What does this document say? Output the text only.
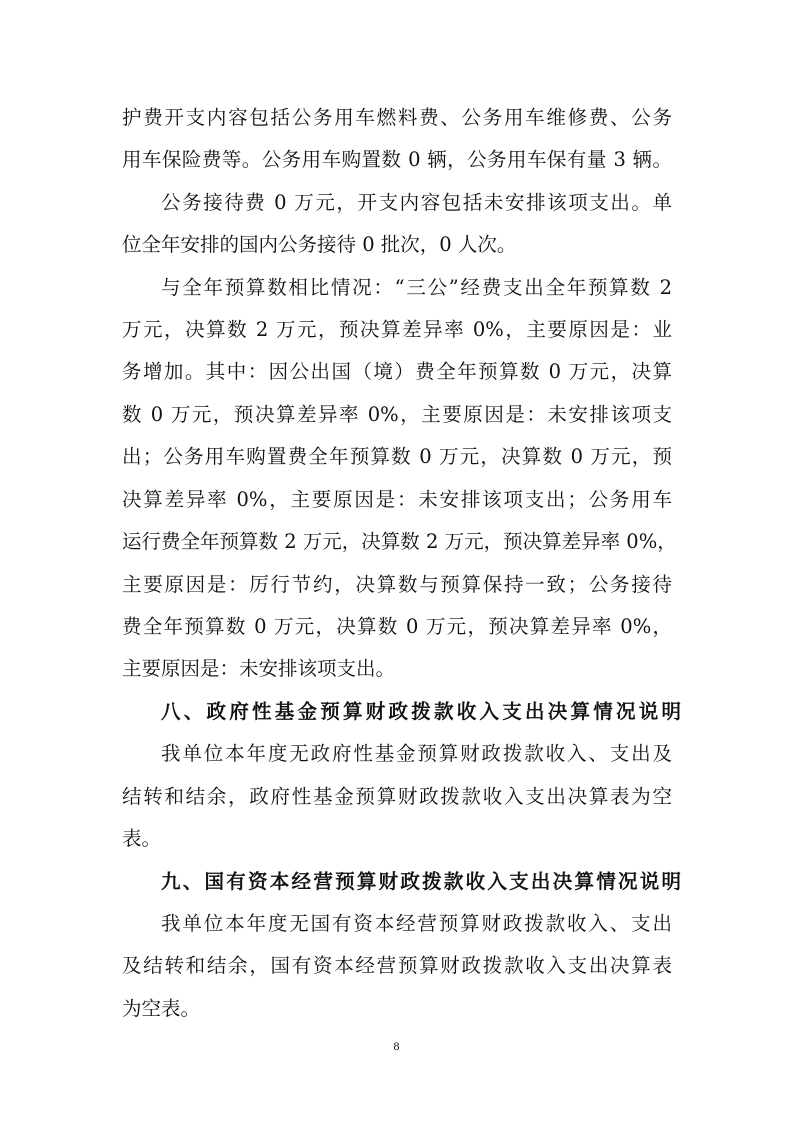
护费开支内容包括公务用车燃料费、公务用车维修费、公务
用车保险费等。公务用车购置数 0 辆，公务用车保有量 3 辆。
公务接待费 0 万元，开支内容包括未安排该项支出。单
位全年安排的国内公务接待 0 批次，0 人次。
与全年预算数相比情况：“三公”经费支出全年预算数 2
万元，决算数 2 万元，预决算差异率 0%，主要原因是：业
务增加。其中：因公出国（境）费全年预算数 0 万元，决算
数 0 万元，预决算差异率 0%，主要原因是：未安排该项支
出；公务用车购置费全年预算数 0 万元，决算数 0 万元，预
决算差异率 0%，主要原因是：未安排该项支出；公务用车
运行费全年预算数 2 万元，决算数 2 万元，预决算差异率 0%，
主要原因是：厉行节约，决算数与预算保持一致；公务接待
费全年预算数 0 万元，决算数 0 万元，预决算差异率 0%，
主要原因是：未安排该项支出。
八、政府性基金预算财政拨款收入支出决算情况说明
我单位本年度无政府性基金预算财政拨款收入、支出及
结转和结余，政府性基金预算财政拨款收入支出决算表为空
表。
九、国有资本经营预算财政拨款收入支出决算情况说明
我单位本年度无国有资本经营预算财政拨款收入、支出
及结转和结余，国有资本经营预算财政拨款收入支出决算表
为空表。
8
